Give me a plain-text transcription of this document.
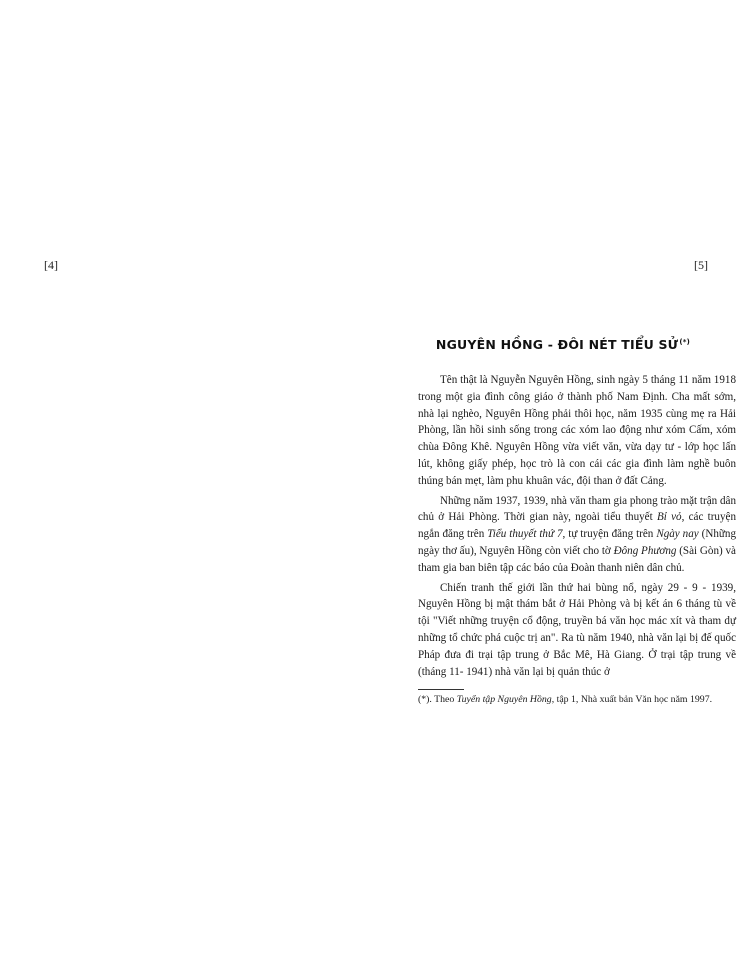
[4]	[5]
NGUYÊN HỒNG - ĐÔI NÉT TIỂU SỬ(*)

Tên thật là Nguyễn Nguyên Hồng, sinh ngày 5 tháng 11 năm 1918 trong một gia đình công giáo ở thành phố Nam Định. Cha mất sớm, nhà lại nghèo, Nguyên Hồng phải thôi học, năm 1935 cùng mẹ ra Hải Phòng, lần hồi sinh sống trong các xóm lao động như xóm Cấm, xóm chùa Đông Khê. Nguyên Hồng vừa viết văn, vừa dạy tư - lớp học lấn lút, không giấy phép, học trò là con cái các gia đình làm nghề buôn thúng bán mẹt, làm phu khuân vác, đội than ở đất Cảng.

Những năm 1937, 1939, nhà văn tham gia phong trào mặt trận dân chủ ở Hải Phòng. Thời gian này, ngoài tiểu thuyết Bỉ vỏ, các truyện ngắn đăng trên Tiểu thuyết thứ 7, tự truyện đăng trên Ngày nay (Những ngày thơ ấu), Nguyên Hồng còn viết cho tờ Đông Phương (Sài Gòn) và tham gia ban biên tập các báo của Đoàn thanh niên dân chủ.

Chiến tranh thế giới lần thứ hai bùng nổ, ngày 29 - 9 - 1939, Nguyên Hồng bị mật thám bắt ở Hải Phòng và bị kết án 6 tháng tù về tội "Viết những truyện cổ động, truyền bá văn học mác xít và tham dự những tổ chức phá cuộc trị an". Ra tù năm 1940, nhà văn lại bị đế quốc Pháp đưa đi trại tập trung ở Bắc Mê, Hà Giang. Ở trại tập trung về (tháng 11- 1941) nhà văn lại bị quản thúc ở

(*). Theo Tuyển tập Nguyên Hồng, tập 1, Nhà xuất bản Văn học năm 1997.
